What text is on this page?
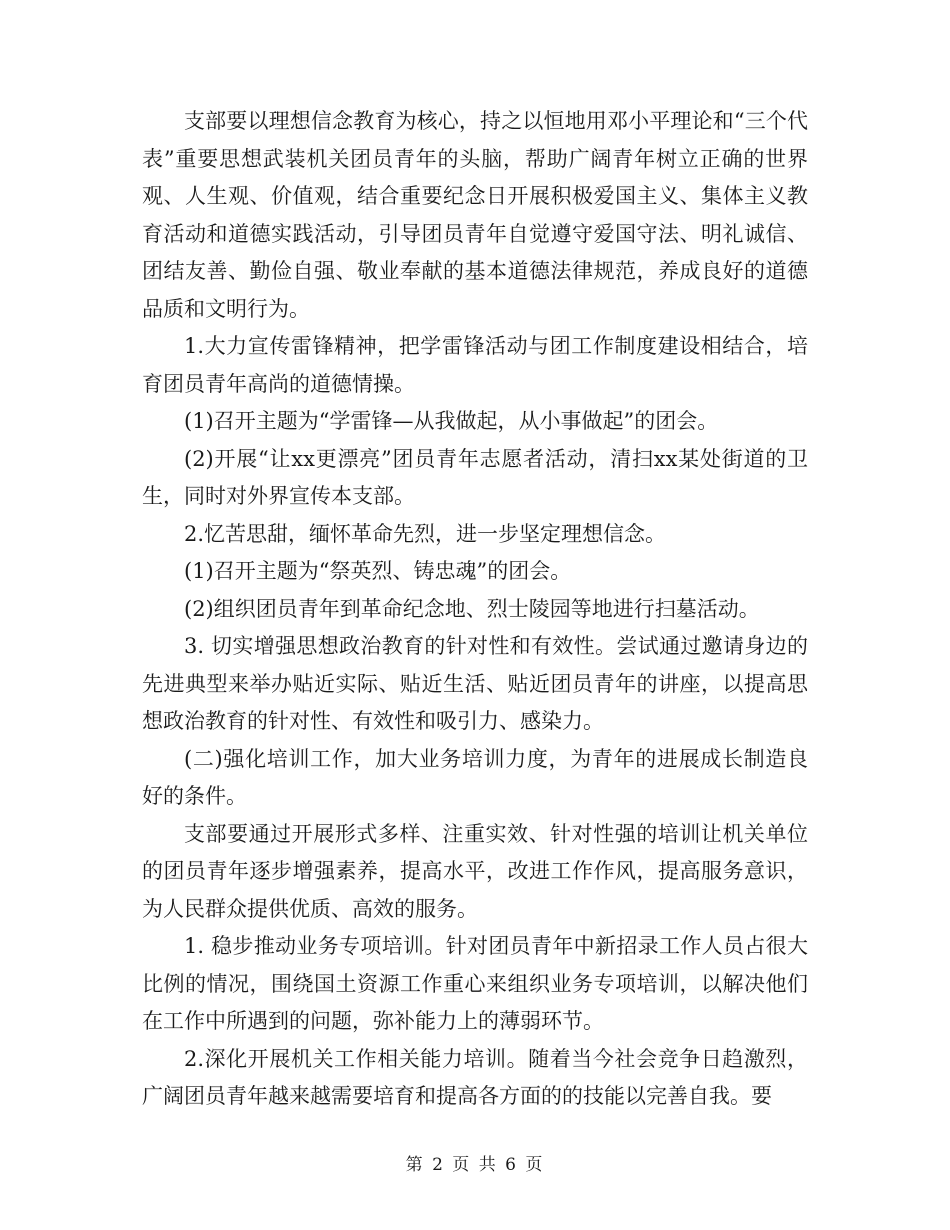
支部要以理想信念教育为核心，持之以恒地用邓小平理论和“三个代表”重要思想武装机关团员青年的头脑，帮助广阔青年树立正确的世界观、人生观、价值观，结合重要纪念日开展积极爱国主义、集体主义教育活动和道德实践活动，引导团员青年自觉遵守爱国守法、明礼诚信、团结友善、勤俭自强、敬业奉献的基本道德法律规范，养成良好的道德品质和文明行为。

1.大力宣传雷锋精神，把学雷锋活动与团工作制度建设相结合，培育团员青年高尚的道德情操。

(1)召开主题为“学雷锋—从我做起，从小事做起”的团会。

(2)开展“让xx更漂亮”团员青年志愿者活动，清扫xx某处街道的卫生，同时对外界宣传本支部。

2.忆苦思甜，缅怀革命先烈，进一步坚定理想信念。

(1)召开主题为“祭英烈、铸忠魂”的团会。

(2)组织团员青年到革命纪念地、烈士陵园等地进行扫墓活动。

3. 切实增强思想政治教育的针对性和有效性。尝试通过邀请身边的先进典型来举办贴近实际、贴近生活、贴近团员青年的讲座，以提高思想政治教育的针对性、有效性和吸引力、感染力。

(二)强化培训工作，加大业务培训力度，为青年的进展成长制造良好的条件。

支部要通过开展形式多样、注重实效、针对性强的培训让机关单位的团员青年逐步增强素养，提高水平，改进工作作风，提高服务意识，为人民群众提供优质、高效的服务。

1. 稳步推动业务专项培训。针对团员青年中新招录工作人员占很大比例的情况，围绕国土资源工作重心来组织业务专项培训，以解决他们在工作中所遇到的问题，弥补能力上的薄弱环节。

2.深化开展机关工作相关能力培训。随着当今社会竞争日趋激烈，广阔团员青年越来越需要培育和提高各方面的的技能以完善自我。要

第 2 页 共 6 页
